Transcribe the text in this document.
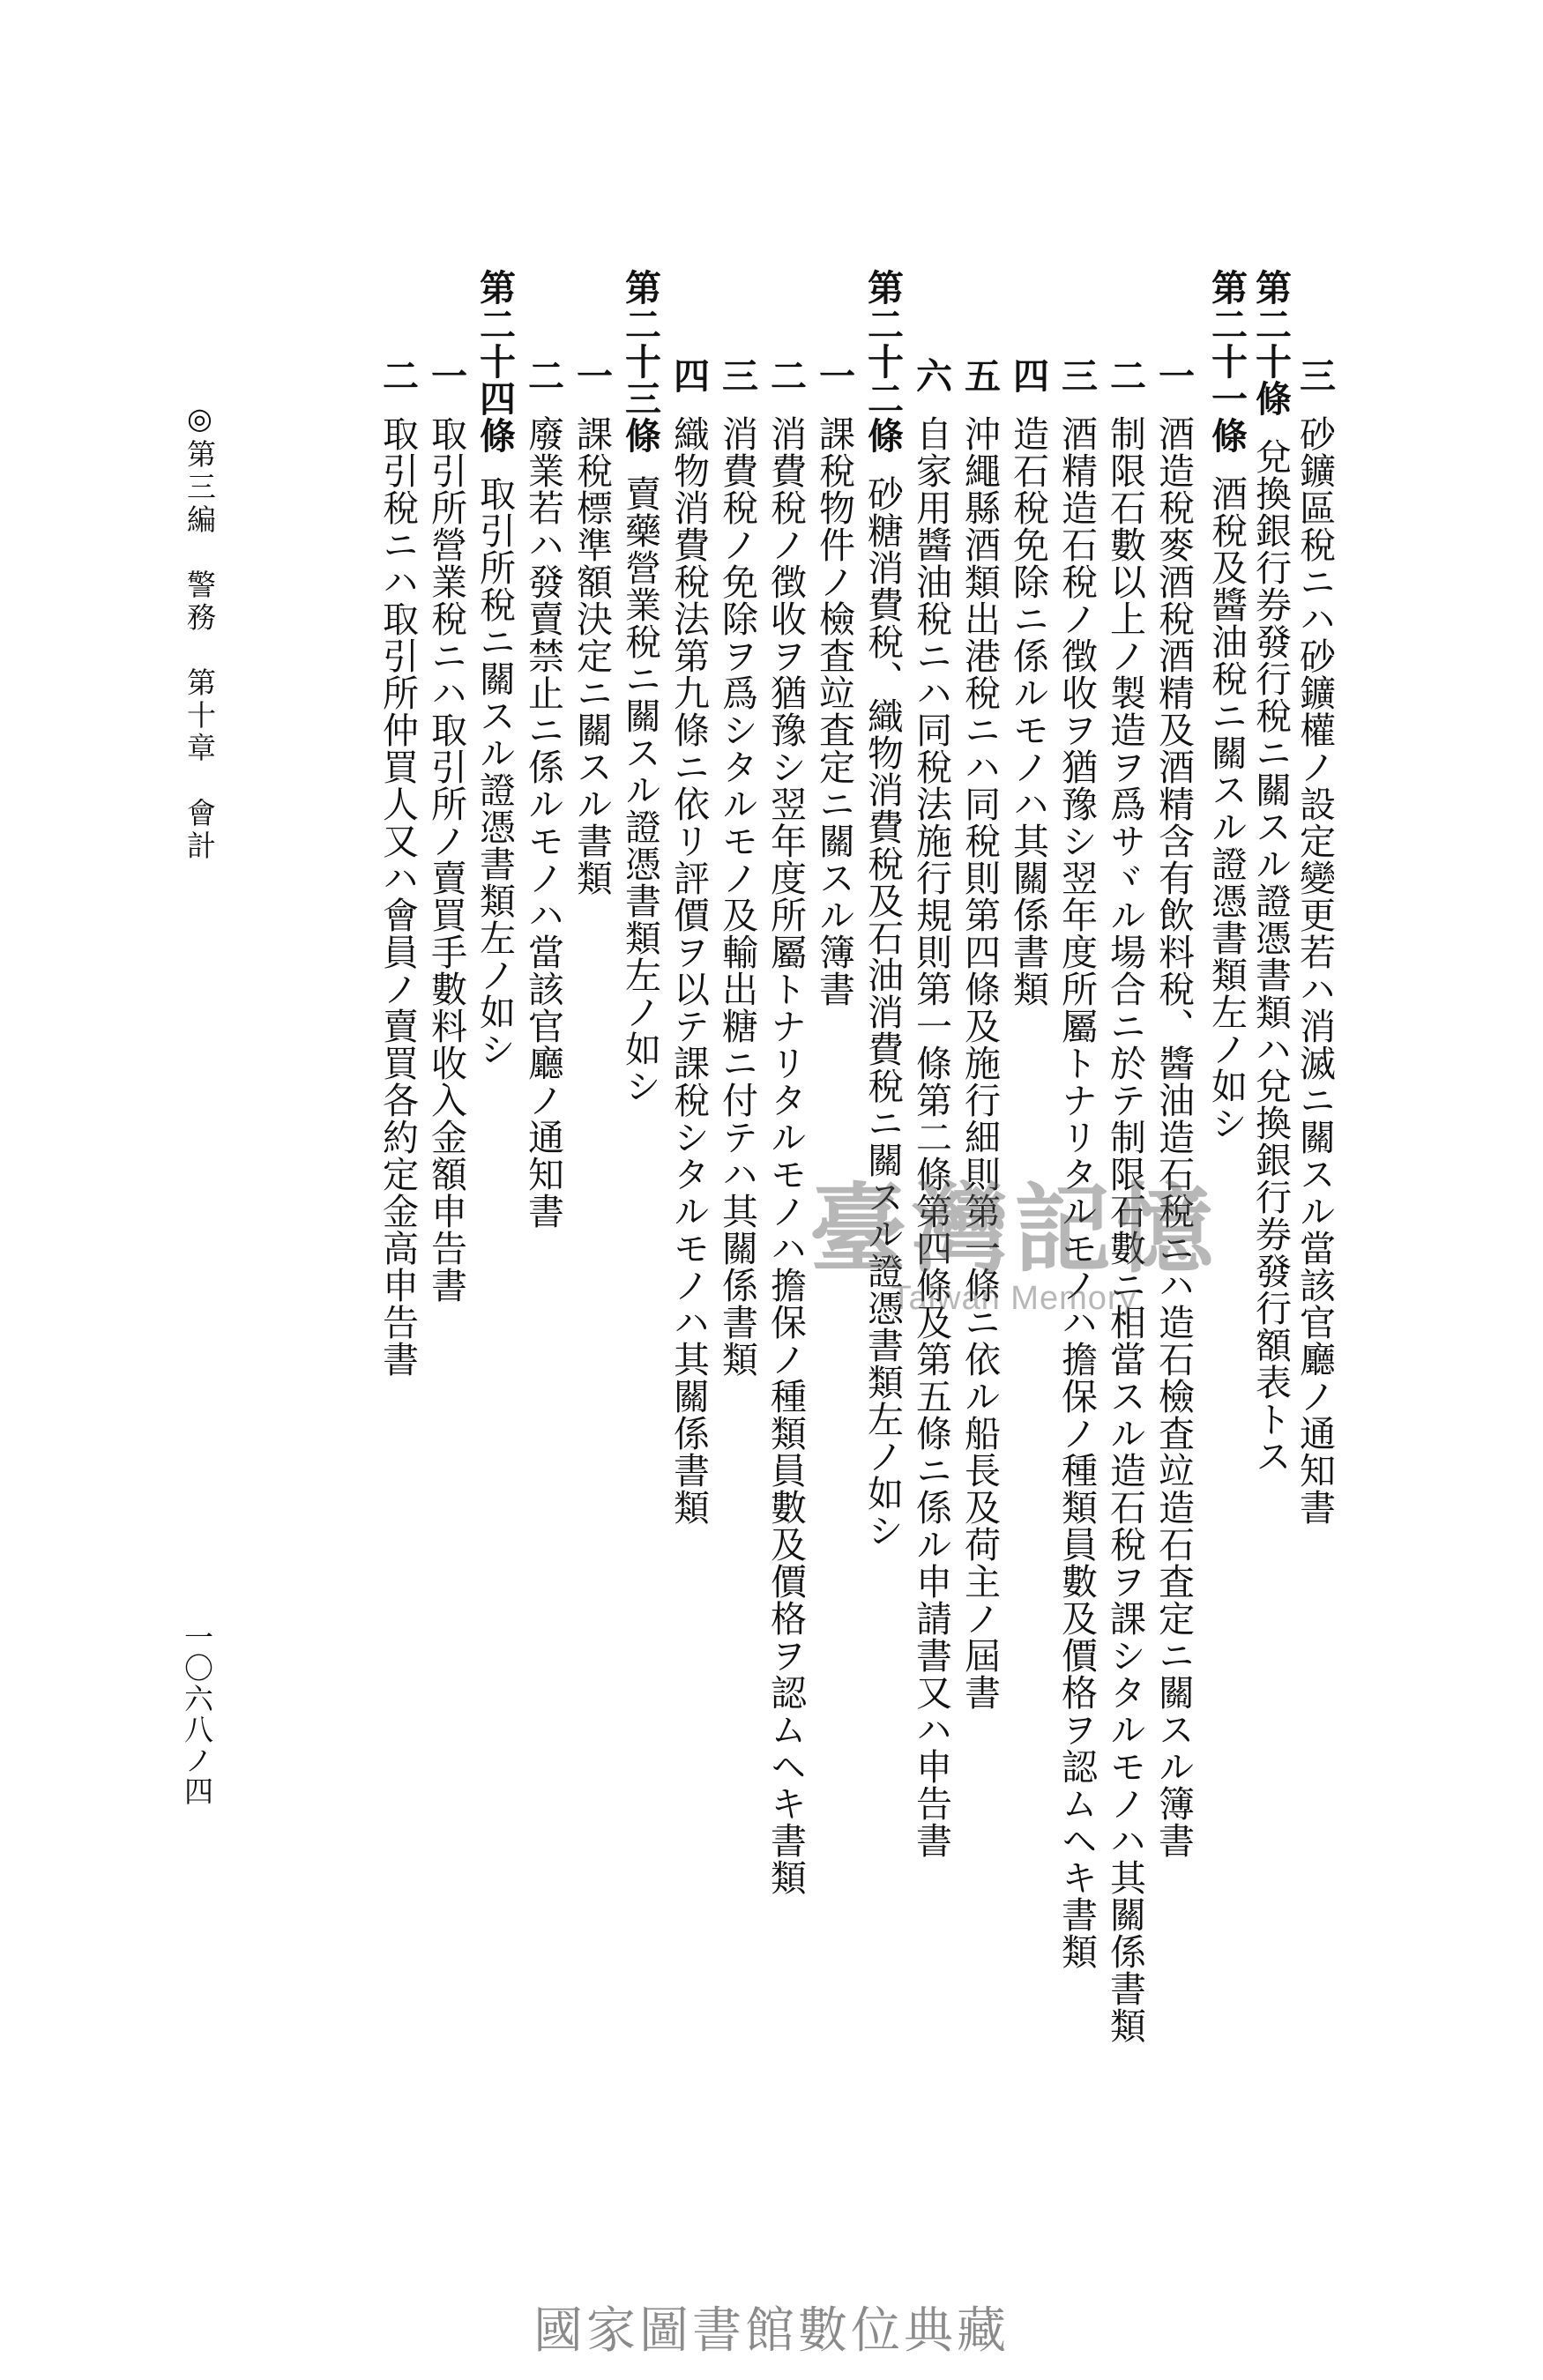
三砂鑛區稅ニハ砂鑛權ノ設定變更若ハ消滅ニ關スル當該官廳ノ通知書
第二十條兌換銀行券發行稅ニ關スル證憑書類ハ兌換銀行券發行額表トス
第二十一條酒稅及醬油稅ニ關スル證憑書類左ノ如シ
一酒造稅麥酒稅酒精及酒精含有飲料稅、醬油造石稅ニハ造石檢査竝造石査定ニ關スル簿書
二制限石數以上ノ製造ヲ爲サヾル場合ニ於テ制限石數ニ相當スル造石稅ヲ課シタルモノハ其關係書類
三酒精造石稅ノ徴收ヲ猶豫シ翌年度所屬トナリタルモノハ擔保ノ種類員數及價格ヲ認ムヘキ書類
四造石稅免除ニ係ルモノハ其關係書類
五沖繩縣酒類出港稅ニハ同稅則第四條及施行細則第一條ニ依ル船長及荷主ノ屆書
六自家用醬油稅ニハ同稅法施行規則第一條第二條第四條及第五條ニ係ル申請書又ハ申告書
第二十二條砂糖消費稅、織物消費稅及石油消費稅ニ關スル證憑書類左ノ如シ
一課稅物件ノ檢査竝査定ニ關スル簿書
二消費稅ノ徴收ヲ猶豫シ翌年度所屬トナリタルモノハ擔保ノ種類員數及價格ヲ認ムヘキ書類
三消費稅ノ免除ヲ爲シタルモノ及輸出糖ニ付テハ其關係書類
四織物消費稅法第九條ニ依リ評價ヲ以テ課稅シタルモノハ其關係書類
第二十三條賣藥營業稅ニ關スル證憑書類左ノ如シ
一課稅標準額決定ニ關スル書類
二廢業若ハ發賣禁止ニ係ルモノハ當該官廳ノ通知書
第二十四條取引所稅ニ關スル證憑書類左ノ如シ
一取引所營業稅ニハ取引所ノ賣買手數料收入金額申告書
二取引稅ニハ取引所仲買人又ハ會員ノ賣買各約定金高申告書
◎第三編　警務　第十章　會計
一〇六八ノ四
臺灣記憶
Taiwan Memory
國家圖書館數位典藏
